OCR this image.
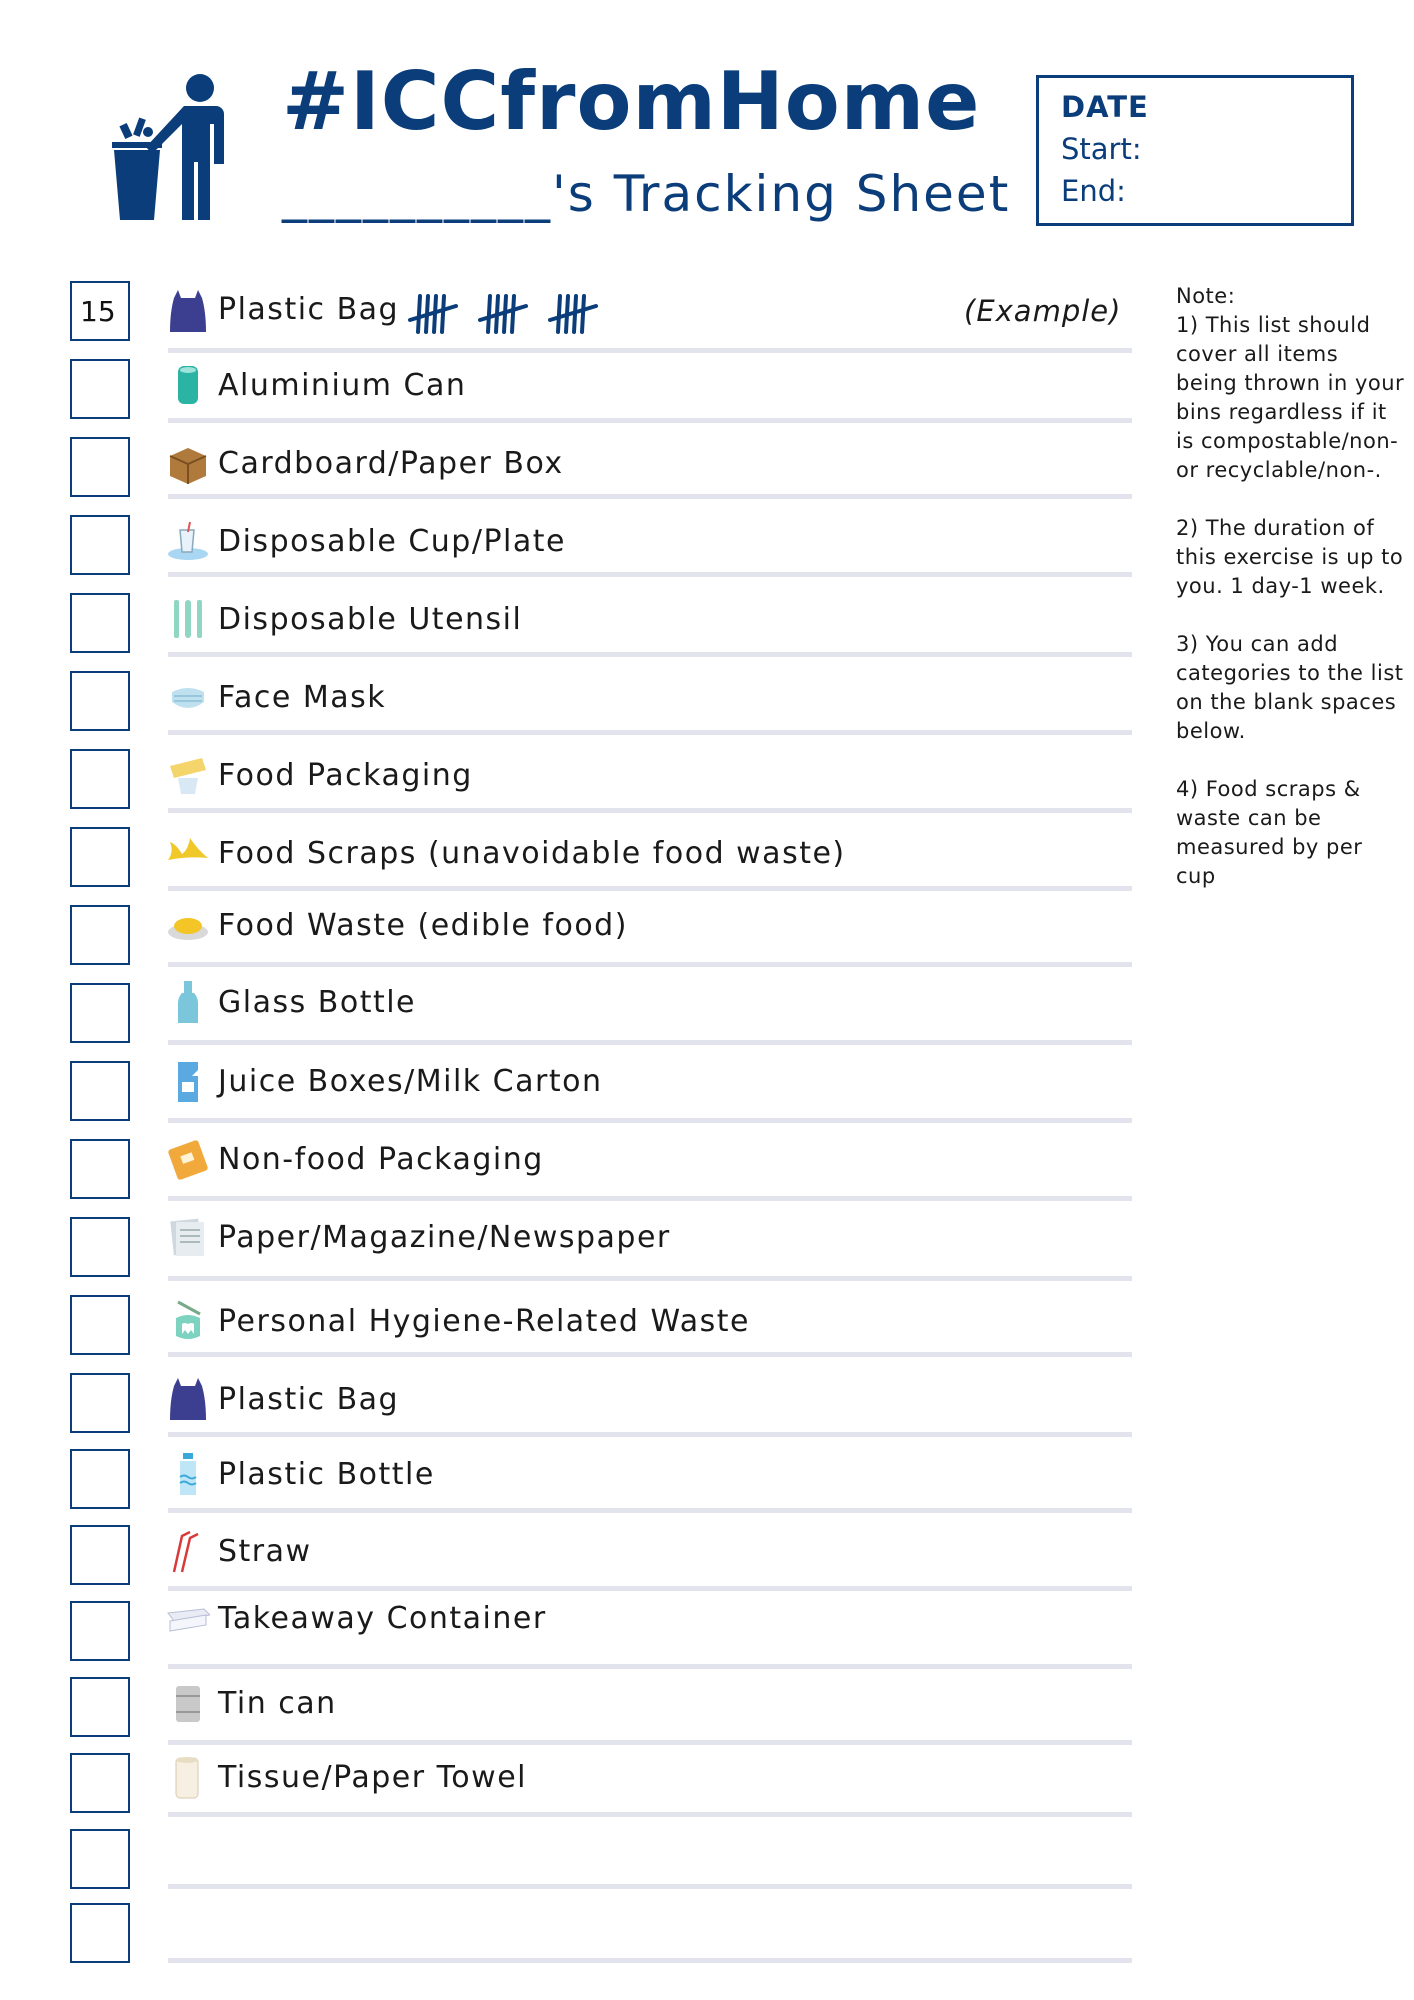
#ICCfromHome
__________'s Tracking Sheet
DATE
Start:
End:
15	Plastic Bag	(Example)
Aluminium Can
Cardboard/Paper Box
Disposable Cup/Plate
Disposable Utensil
Face Mask
Food Packaging
Food Scraps (unavoidable food waste)
Food Waste (edible food)
Glass Bottle
Juice Boxes/Milk Carton
Non-food Packaging
Paper/Magazine/Newspaper
Personal Hygiene-Related Waste
Plastic Bag
Plastic Bottle
Straw
Takeaway Container
Tin can
Tissue/Paper Towel

Note:

1) This list should cover all items being thrown in your bins regardless if it is compostable/non- or recyclable/non-.

2) The duration of this exercise is up to you. 1 day-1 week.

3) You can add categories to the list on the blank spaces below.

4) Food scraps & waste can be measured by per cup
